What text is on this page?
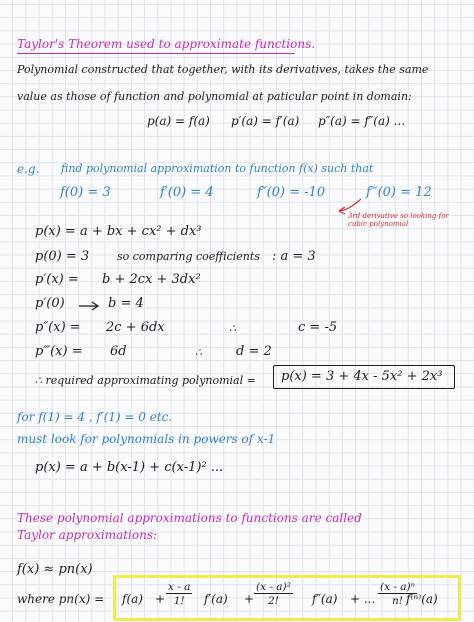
Taylor's Theorem used to approximate functions.
Polynomial constructed that together, with its derivatives, takes the same
value as those of function and polynomial at paticular point in domain:
p(a) = f(a) p′(a) = f′(a) p″(a) = f″(a) ...
e.g. find polynomial approximation to function f(x) such that
f(0) = 3	f′(0) = 4	f″(0) = -10	f‴(0) = 12
3rd derivative so looking for cubic polynomial
p(x) = a + bx + cx² + dx³
p(0) = 3	so comparing coefficients : a = 3
p′(x) = b + 2cx + 3dx²
p′(0)	b = 4
p″(x) = 2c + 6dx	∴	c = -5
p‴(x) = 6d	∴	d = 2
∴ required approximating polynomial = p(x) = 3 + 4x - 5x² + 2x³
for f(1) = 4 , f′(1) = 0 etc.
must look for polynomials in powers of x-1
p(x) = a + b(x-1) + c(x-1)² ...
These polynomial approximations to functions are called
Taylor approximations:
f(x) ≈ pn(x)
where $pn(x) = f(a) + \frac{x - a}{1!} f'(a) + \frac{\text{(x - a)²}}{2!} f''(a)$ + ... $\frac{\text{(x - a)ⁿ}}{n!}$
f⁽ⁿ⁾(a)
